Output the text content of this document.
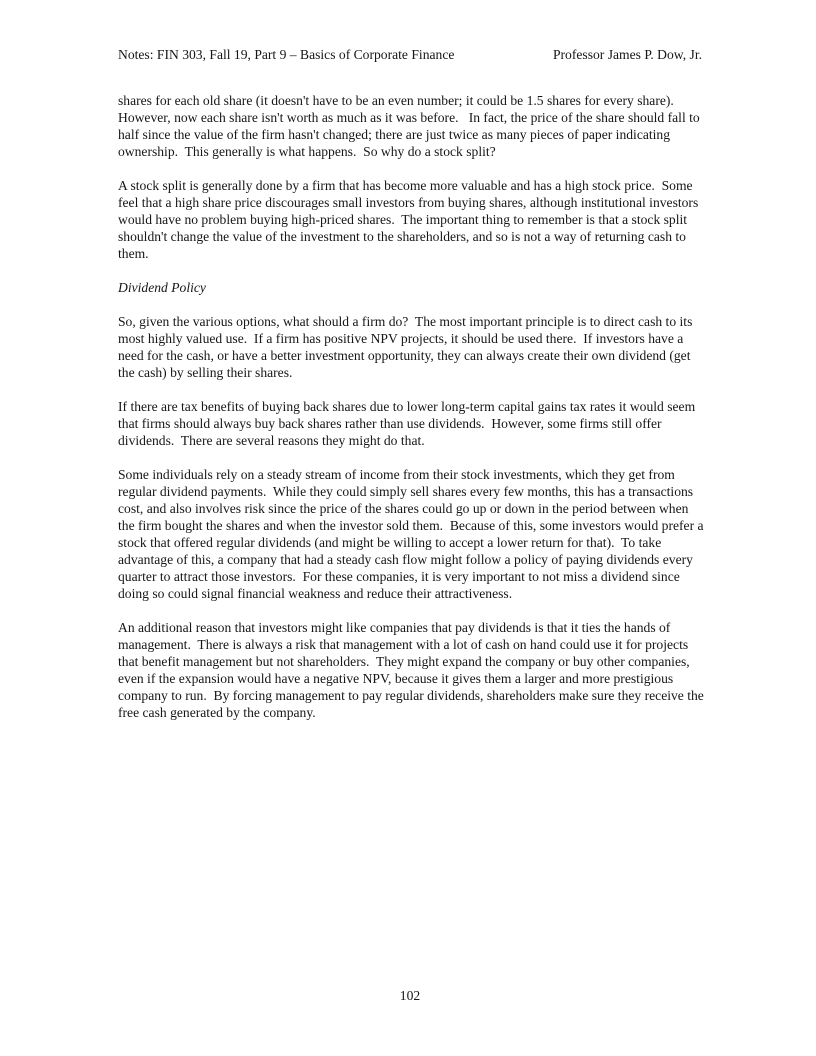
Notes: FIN 303, Fall 19, Part 9 – Basics of Corporate Finance	Professor James P. Dow, Jr.

shares for each old share (it doesn't have to be an even number; it could be 1.5 shares for every share).  However, now each share isn't worth as much as it was before.   In fact, the price of the share should fall to half since the value of the firm hasn't changed; there are just twice as many pieces of paper indicating ownership.  This generally is what happens.  So why do a stock split?

A stock split is generally done by a firm that has become more valuable and has a high stock price.  Some feel that a high share price discourages small investors from buying shares, although institutional investors would have no problem buying high-priced shares.  The important thing to remember is that a stock split shouldn't change the value of the investment to the shareholders, and so is not a way of returning cash to them.

Dividend Policy

So, given the various options, what should a firm do?  The most important principle is to direct cash to its most highly valued use.  If a firm has positive NPV projects, it should be used there.  If investors have a need for the cash, or have a better investment opportunity, they can always create their own dividend (get the cash) by selling their shares.

If there are tax benefits of buying back shares due to lower long-term capital gains tax rates it would seem that firms should always buy back shares rather than use dividends.  However, some firms still offer dividends.  There are several reasons they might do that.

Some individuals rely on a steady stream of income from their stock investments, which they get from regular dividend payments.  While they could simply sell shares every few months, this has a transactions cost, and also involves risk since the price of the shares could go up or down in the period between when the firm bought the shares and when the investor sold them.  Because of this, some investors would prefer a stock that offered regular dividends (and might be willing to accept a lower return for that).  To take advantage of this, a company that had a steady cash flow might follow a policy of paying dividends every quarter to attract those investors.  For these companies, it is very important to not miss a dividend since doing so could signal financial weakness and reduce their attractiveness.

An additional reason that investors might like companies that pay dividends is that it ties the hands of management.  There is always a risk that management with a lot of cash on hand could use it for projects that benefit management but not shareholders.  They might expand the company or buy other companies, even if the expansion would have a negative NPV, because it gives them a larger and more prestigious company to run.  By forcing management to pay regular dividends, shareholders make sure they receive the free cash generated by the company.

102
